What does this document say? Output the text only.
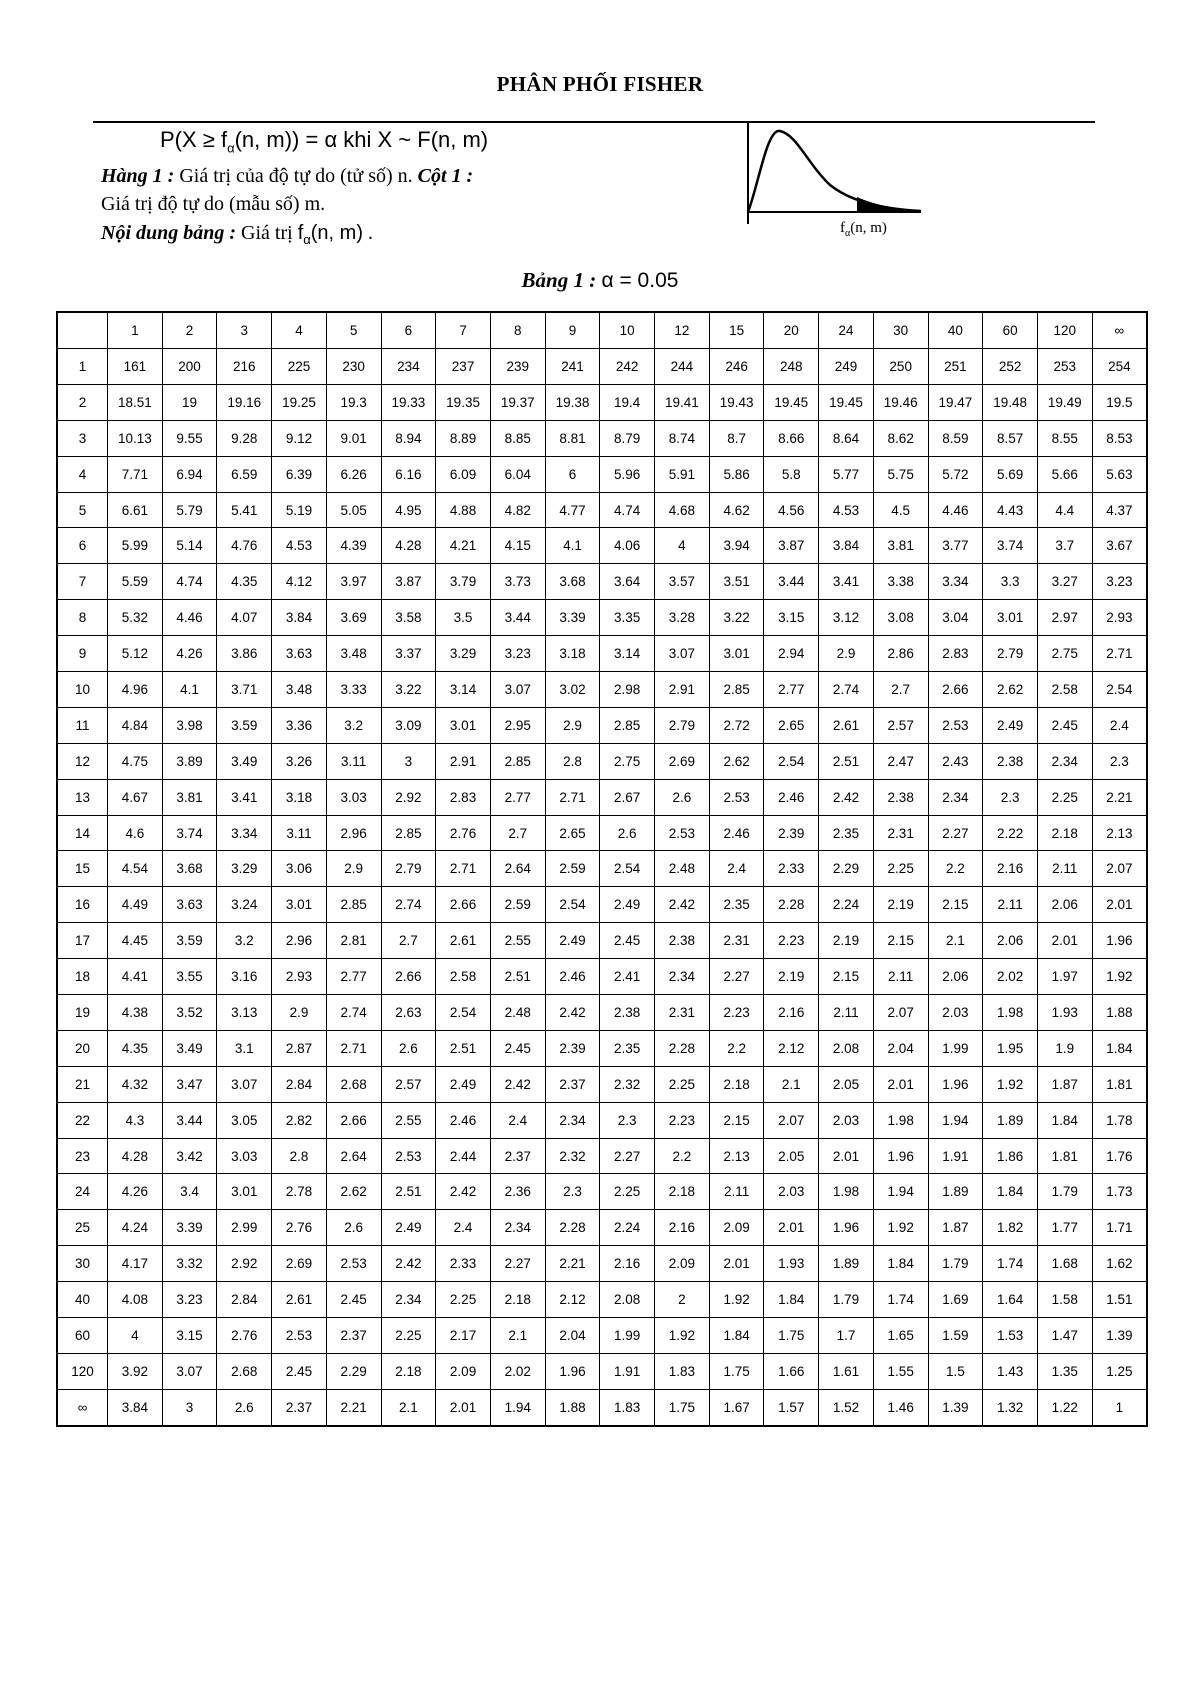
PHÂN PHỐI FISHER
$P(X \ge f_\alpha(n$, m)) = α khi X ~ F(n, m)
Hàng 1 : Giá trị của độ tự do (tử số) n. Cột 1 :
Giá trị độ tự do (mẫu số) m.
Nội dung bảng : Giá trị $f_\alpha(n$, m) .	$f_\alpha(n$, m)
Bảng 1 : α = 0.05
	1	2	3	4	5	6	7	8	9	10	12	15	20	24	30	40	60	120	∞
1	161	200	216	225	230	234	237	239	241	242	244	246	248	249	250	251	252	253	254
2	18.51	19	19.16	19.25	19.3	19.33	19.35	19.37	19.38	19.4	19.41	19.43	19.45	19.45	19.46	19.47	19.48	19.49	19.5
3	10.13	9.55	9.28	9.12	9.01	8.94	8.89	8.85	8.81	8.79	8.74	8.7	8.66	8.64	8.62	8.59	8.57	8.55	8.53
4	7.71	6.94	6.59	6.39	6.26	6.16	6.09	6.04	6	5.96	5.91	5.86	5.8	5.77	5.75	5.72	5.69	5.66	5.63
5	6.61	5.79	5.41	5.19	5.05	4.95	4.88	4.82	4.77	4.74	4.68	4.62	4.56	4.53	4.5	4.46	4.43	4.4	4.37
6	5.99	5.14	4.76	4.53	4.39	4.28	4.21	4.15	4.1	4.06	4	3.94	3.87	3.84	3.81	3.77	3.74	3.7	3.67
7	5.59	4.74	4.35	4.12	3.97	3.87	3.79	3.73	3.68	3.64	3.57	3.51	3.44	3.41	3.38	3.34	3.3	3.27	3.23
8	5.32	4.46	4.07	3.84	3.69	3.58	3.5	3.44	3.39	3.35	3.28	3.22	3.15	3.12	3.08	3.04	3.01	2.97	2.93
9	5.12	4.26	3.86	3.63	3.48	3.37	3.29	3.23	3.18	3.14	3.07	3.01	2.94	2.9	2.86	2.83	2.79	2.75	2.71
10	4.96	4.1	3.71	3.48	3.33	3.22	3.14	3.07	3.02	2.98	2.91	2.85	2.77	2.74	2.7	2.66	2.62	2.58	2.54
11	4.84	3.98	3.59	3.36	3.2	3.09	3.01	2.95	2.9	2.85	2.79	2.72	2.65	2.61	2.57	2.53	2.49	2.45	2.4
12	4.75	3.89	3.49	3.26	3.11	3	2.91	2.85	2.8	2.75	2.69	2.62	2.54	2.51	2.47	2.43	2.38	2.34	2.3
13	4.67	3.81	3.41	3.18	3.03	2.92	2.83	2.77	2.71	2.67	2.6	2.53	2.46	2.42	2.38	2.34	2.3	2.25	2.21
14	4.6	3.74	3.34	3.11	2.96	2.85	2.76	2.7	2.65	2.6	2.53	2.46	2.39	2.35	2.31	2.27	2.22	2.18	2.13
15	4.54	3.68	3.29	3.06	2.9	2.79	2.71	2.64	2.59	2.54	2.48	2.4	2.33	2.29	2.25	2.2	2.16	2.11	2.07
16	4.49	3.63	3.24	3.01	2.85	2.74	2.66	2.59	2.54	2.49	2.42	2.35	2.28	2.24	2.19	2.15	2.11	2.06	2.01
17	4.45	3.59	3.2	2.96	2.81	2.7	2.61	2.55	2.49	2.45	2.38	2.31	2.23	2.19	2.15	2.1	2.06	2.01	1.96
18	4.41	3.55	3.16	2.93	2.77	2.66	2.58	2.51	2.46	2.41	2.34	2.27	2.19	2.15	2.11	2.06	2.02	1.97	1.92
19	4.38	3.52	3.13	2.9	2.74	2.63	2.54	2.48	2.42	2.38	2.31	2.23	2.16	2.11	2.07	2.03	1.98	1.93	1.88
20	4.35	3.49	3.1	2.87	2.71	2.6	2.51	2.45	2.39	2.35	2.28	2.2	2.12	2.08	2.04	1.99	1.95	1.9	1.84
21	4.32	3.47	3.07	2.84	2.68	2.57	2.49	2.42	2.37	2.32	2.25	2.18	2.1	2.05	2.01	1.96	1.92	1.87	1.81
22	4.3	3.44	3.05	2.82	2.66	2.55	2.46	2.4	2.34	2.3	2.23	2.15	2.07	2.03	1.98	1.94	1.89	1.84	1.78
23	4.28	3.42	3.03	2.8	2.64	2.53	2.44	2.37	2.32	2.27	2.2	2.13	2.05	2.01	1.96	1.91	1.86	1.81	1.76
24	4.26	3.4	3.01	2.78	2.62	2.51	2.42	2.36	2.3	2.25	2.18	2.11	2.03	1.98	1.94	1.89	1.84	1.79	1.73
25	4.24	3.39	2.99	2.76	2.6	2.49	2.4	2.34	2.28	2.24	2.16	2.09	2.01	1.96	1.92	1.87	1.82	1.77	1.71
30	4.17	3.32	2.92	2.69	2.53	2.42	2.33	2.27	2.21	2.16	2.09	2.01	1.93	1.89	1.84	1.79	1.74	1.68	1.62
40	4.08	3.23	2.84	2.61	2.45	2.34	2.25	2.18	2.12	2.08	2	1.92	1.84	1.79	1.74	1.69	1.64	1.58	1.51
60	4	3.15	2.76	2.53	2.37	2.25	2.17	2.1	2.04	1.99	1.92	1.84	1.75	1.7	1.65	1.59	1.53	1.47	1.39
120	3.92	3.07	2.68	2.45	2.29	2.18	2.09	2.02	1.96	1.91	1.83	1.75	1.66	1.61	1.55	1.5	1.43	1.35	1.25
∞	3.84	3	2.6	2.37	2.21	2.1	2.01	1.94	1.88	1.83	1.75	1.67	1.57	1.52	1.46	1.39	1.32	1.22	1
